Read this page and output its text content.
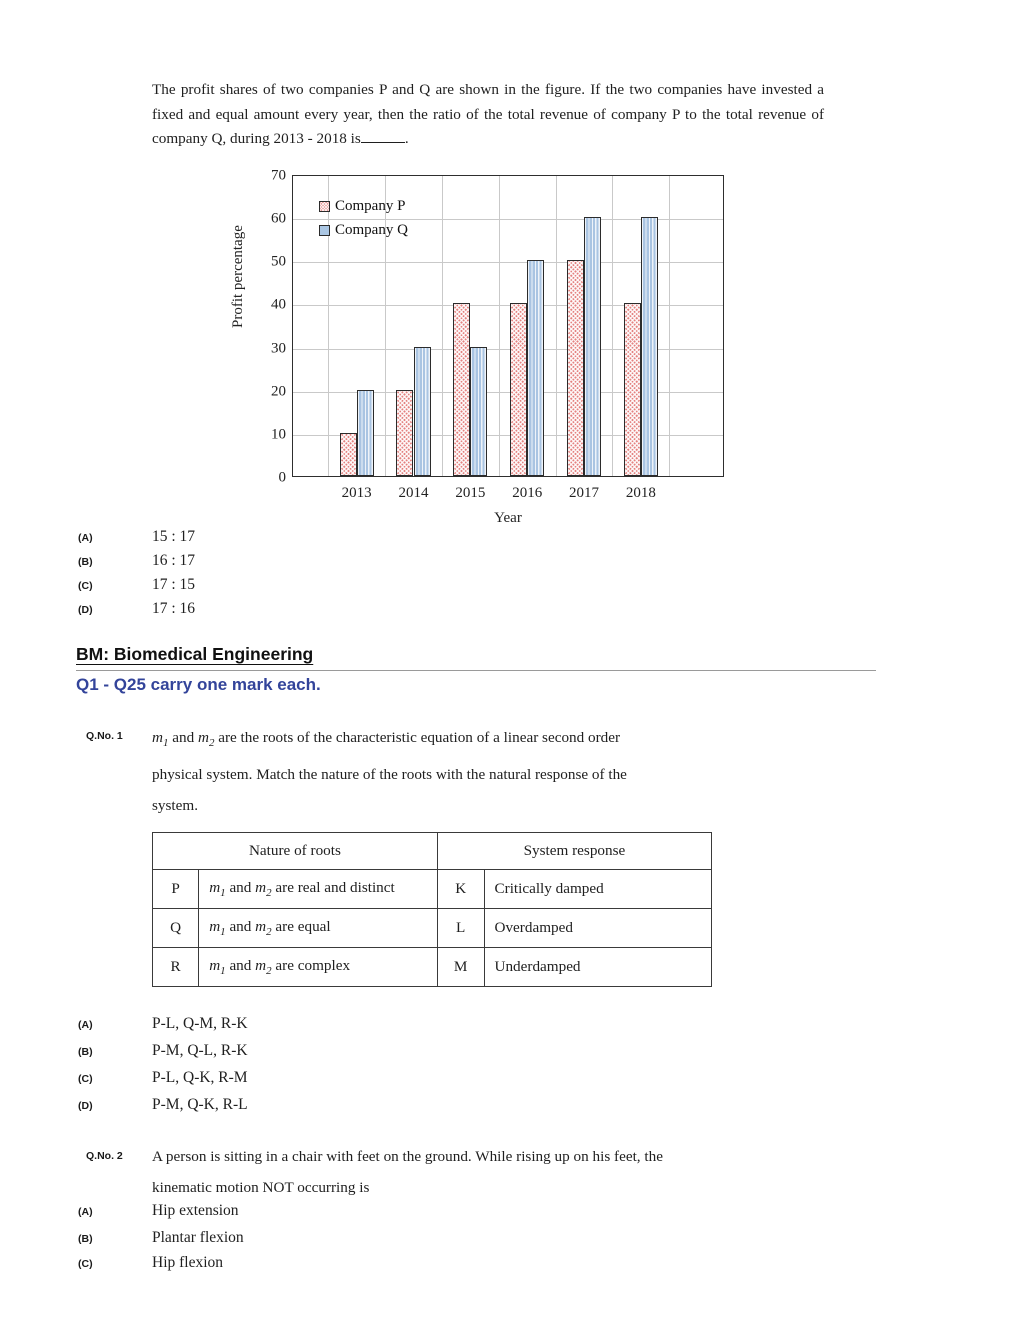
The profit shares of two companies P and Q are shown in the figure. If the two companies have invested a fixed and equal amount every year, then the ratio of the total revenue of company P to the total revenue of company Q, during 2013 - 2018 is	.
Profit percentage
0
10
20
30
40
50
60
70
2013 2014 2015 2016 2017 2018
Company P
Company Q
Year
(A)	15 : 17
(B)	16 : 17
(C)	17 : 15
(D)	17 : 16
BM: Biomedical Engineering
Q1 - Q25 carry one mark each.
Q.No. 1 $m_1$ and $m_2$ are the roots of the characteristic equation of a linear second order
physical system. Match the nature of the roots with the natural response of the
system.
Nature of roots		System response	
P	$m_1$ and $m_2$ are real and distinct	K	Critically damped
Q	$m_1$ and $m_2$ are equal	L	Overdamped
R	$m_1$ and $m_2$ are complex	M	Underdamped
(A)	P-L, Q-M, R-K
(B)	P-M, Q-L, R-K
(C)	P-L, Q-K, R-M
(D)	P-M, Q-K, R-L
Q.No. 2 A person is sitting in a chair with feet on the ground. While rising up on his feet, the
kinematic motion NOT occurring is
(A)	Hip extension
(B)	Plantar flexion
(C)	Hip flexion
